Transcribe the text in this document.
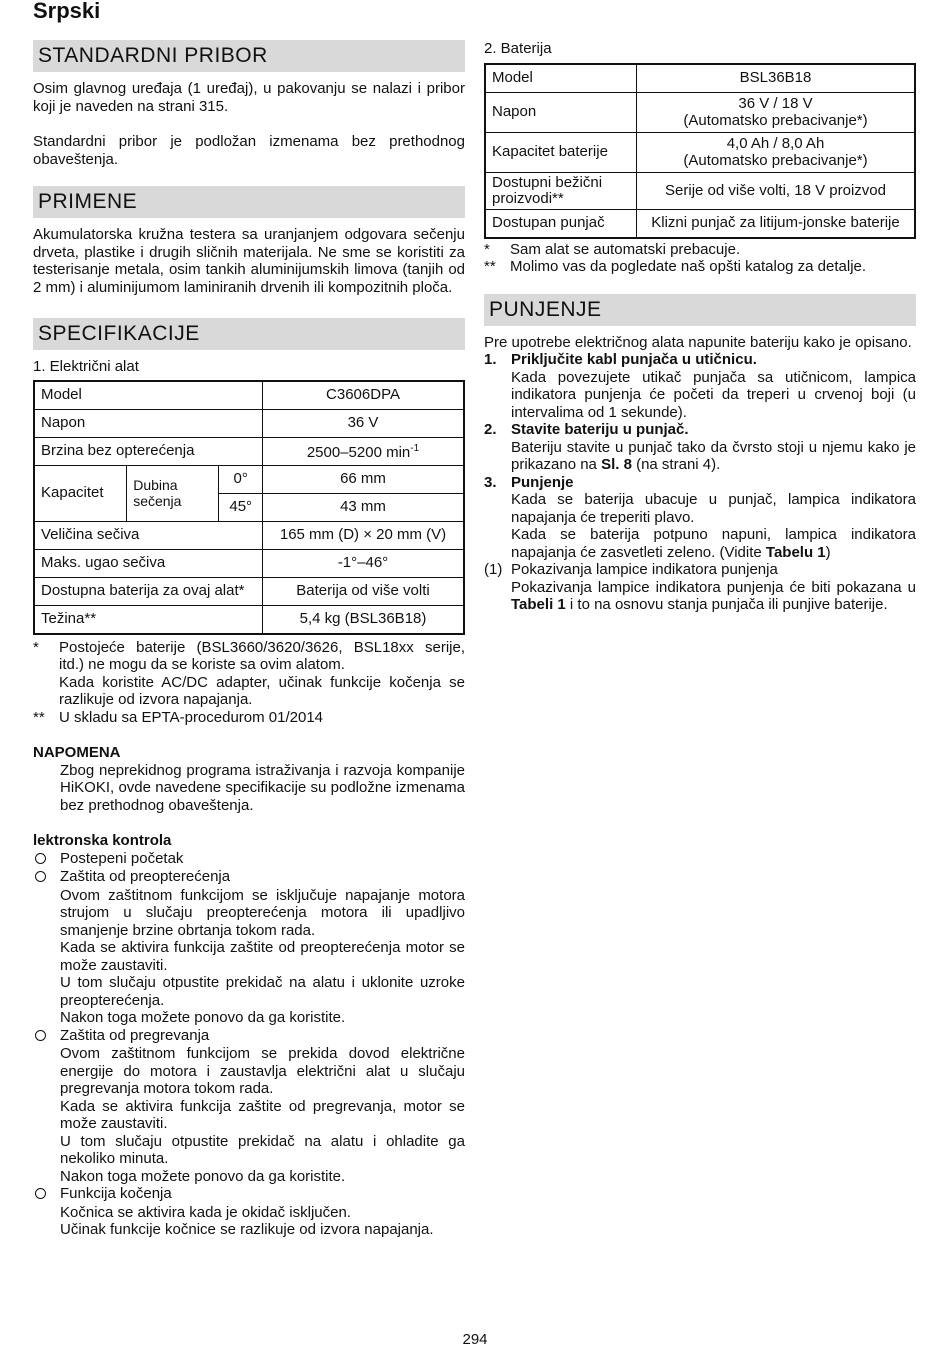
Srpski
STANDARDNI PRIBOR

Osim glavnog uređaja (1 uređaj), u pakovanju se nalazi i pribor koji je naveden na strani 315.

Standardni pribor je podložan izmenama bez prethodnog obaveštenja.

PRIMENE

Akumulatorska kružna testera sa uranjanjem odgovara sečenju drveta, plastike i drugih sličnih materijala. Ne sme se koristiti za testerisanje metala, osim tankih aluminijumskih limova (tanjih od 2 mm) i aluminijumom laminiranih drvenih ili kompozitnih ploča.

SPECIFIKACIJE
1. Električni alat
Model			C3606DPA
Napon			36 V
Brzina bez opterećenja			2500–5200 $\min^{-1}$
Kapacitet	Dubina sečenja	0°	66 mm
		45°	43 mm
Veličina sečiva			165 mm (D) × 20 mm (V)
Maks. ugao sečiva			-1°–46°
Dostupna baterija za ovaj alat*			Baterija od više volti
Težina**			5,4 kg (BSL36B18)
*	Postojeće baterije (BSL3660/3620/3626, BSL18xx serije, itd.) ne mogu da se koriste sa ovim alatom.
Kada koristite AC/DC adapter, učinak funkcije kočenja se razlikuje od izvora napajanja.
** U skladu sa EPTA-procedurom 01/2014
NAPOMENA
Zbog neprekidnog programa istraživanja i razvoja kompanije HiKOKI, ovde navedene specifikacije su podložne izmenama bez prethodnog obaveštenja.
lektronska kontrola
Postepeni početak
Zaštita od preopterećenja
Ovom zaštitnom funkcijom se isključuje napajanje motora strujom u slučaju preopterećenja motora ili upadljivo smanjenje brzine obrtanja tokom rada.
Kada se aktivira funkcija zaštite od preopterećenja motor se može zaustaviti.
U tom slučaju otpustite prekidač na alatu i uklonite uzroke preopterećenja.
Nakon toga možete ponovo da ga koristite.
Zaštita od pregrevanja
Ovom zaštitnom funkcijom se prekida dovod električne energije do motora i zaustavlja električni alat u slučaju pregrevanja motora tokom rada.
Kada se aktivira funkcija zaštite od pregrevanja, motor se može zaustaviti.
U tom slučaju otpustite prekidač na alatu i ohladite ga nekoliko minuta.
Nakon toga možete ponovo da ga koristite.
Funkcija kočenja
Kočnica se aktivira kada je okidač isključen.
Učinak funkcije kočnice se razlikuje od izvora napajanja.
2. Baterija
Model	BSL36B18
Napon	36 V / 18 V
(Automatsko prebacivanje*)

Kapacitet baterije	4,0 Ah / 8,0 Ah
(Automatsko prebacivanje*)

Dostupni bežični proizvodi**	Serije od više volti, 18 V proizvod
Dostupan punjač	Klizni punjač za litijum-jonske baterije
*	Sam alat se automatski prebacuje.
** Molimo vas da pogledate naš opšti katalog za detalje.
PUNJENJE

Pre upotrebe električnog alata napunite bateriju kako je opisano.

1. Priključite kabl punjača u utičnicu.
Kada povezujete utikač punjača sa utičnicom, lampica indikatora punjenja će početi da treperi u crvenoj boji (u intervalima od 1 sekunde).
2. Stavite bateriju u punjač.
Bateriju stavite u punjač tako da čvrsto stoji u njemu kako je prikazano na Sl. 8 (na strani 4).
3. Punjenje
Kada se baterija ubacuje u punjač, lampica indikatora napajanja će treperiti plavo.
Kada se baterija potpuno napuni, lampica indikatora napajanja će zasvetleti zeleno. (Vidite Tabelu 1)
(1) Pokazivanja lampice indikatora punjenja
Pokazivanja lampice indikatora punjenja će biti pokazana u Tabeli 1 i to na osnovu stanja punjača ili punjive baterije.
294
